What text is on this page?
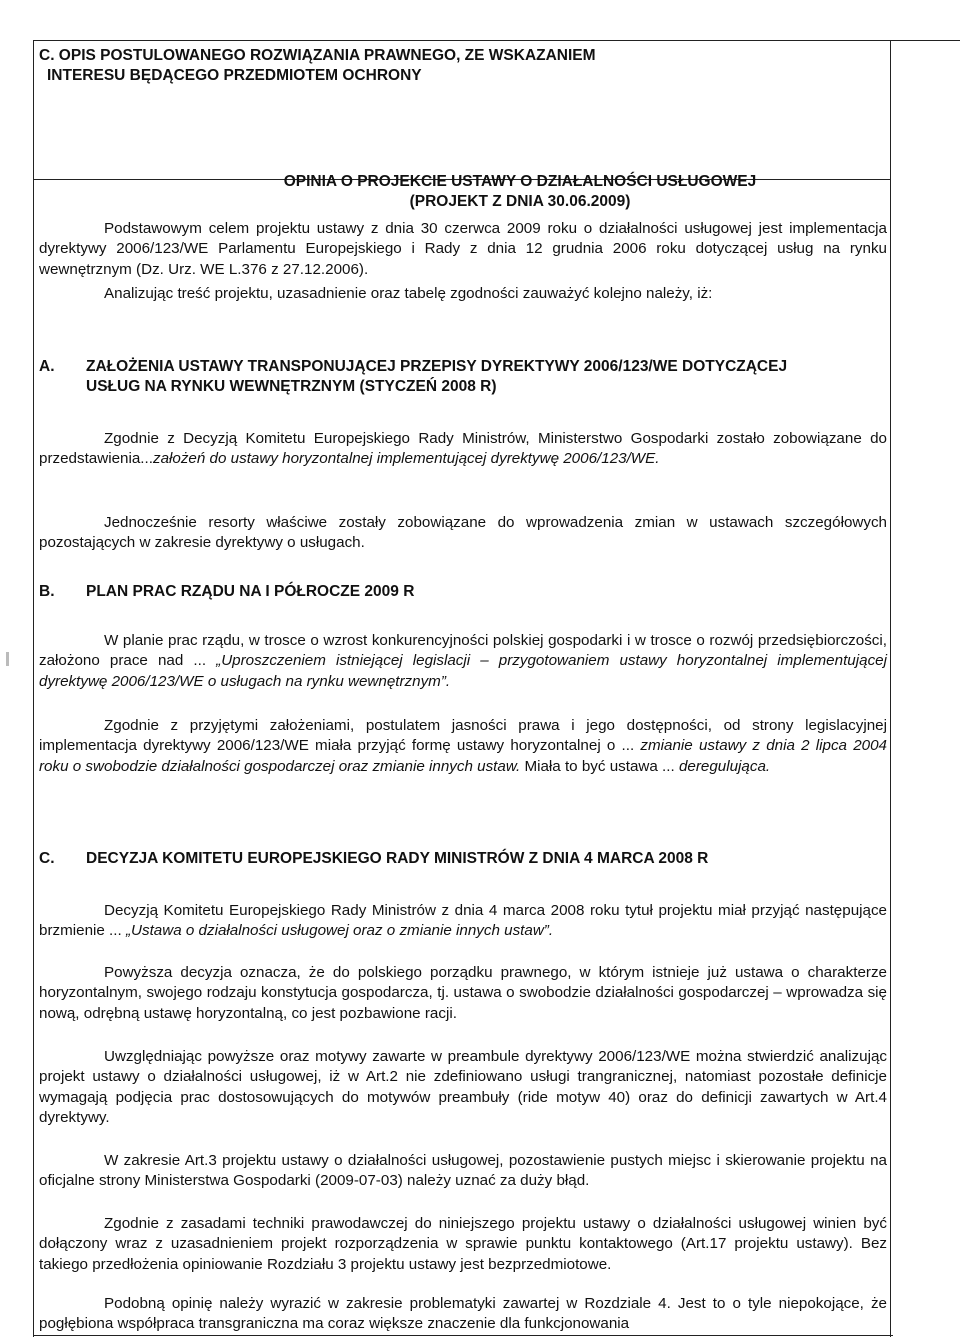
C. OPIS POSTULOWANEGO ROZWIĄZANIA PRAWNEGO, ZE WSKAZANIEM
INTERESU BĘDĄCEGO PRZEDMIOTEM OCHRONY
OPINIA O PROJEKCIE USTAWY O DZIAŁALNOŚCI USŁUGOWEJ
(PROJEKT Z DNIA 30.06.2009)
Podstawowym celem projektu ustawy z dnia 30 czerwca 2009 roku o działalności usługowej jest implementacja dyrektywy 2006/123/WE Parlamentu Europejskiego i Rady z dnia 12 grudnia 2006 roku dotyczącej usług na rynku wewnętrznym (Dz. Urz. WE L.376 z 27.12.2006).
Analizując treść projektu, uzasadnienie oraz tabelę zgodności zauważyć kolejno należy, iż:
A. ZAŁOŻENIA USTAWY TRANSPONUJĄCEJ PRZEPISY DYREKTYWY 2006/123/WE DOTYCZĄCEJ
USŁUG NA RYNKU WEWNĘTRZNYM (STYCZEŃ 2008 R)
Zgodnie z Decyzją Komitetu Europejskiego Rady Ministrów, Ministerstwo Gospodarki zostało zobowiązane do przedstawienia...założeń do ustawy horyzontalnej implementującej dyrektywę 2006/123/WE.
Jednocześnie resorty właściwe zostały zobowiązane do wprowadzenia zmian w ustawach szczegółowych pozostających w zakresie dyrektywy o usługach.
B. PLAN PRAC RZĄDU NA I PÓŁROCZE 2009 R
W planie prac rządu, w trosce o wzrost konkurencyjności polskiej gospodarki i w trosce o rozwój przedsiębiorczości, założono prace nad ... „Uproszczeniem istniejącej legislacji – przygotowaniem ustawy horyzontalnej implementującej dyrektywę 2006/123/WE o usługach na rynku wewnętrznym”.
Zgodnie z przyjętymi założeniami, postulatem jasności prawa i jego dostępności, od strony legislacyjnej implementacja dyrektywy 2006/123/WE miała przyjąć formę ustawy horyzontalnej o ... zmianie ustawy z dnia 2 lipca 2004 roku o swobodzie działalności gospodarczej oraz zmianie innych ustaw. Miała to być ustawa ... deregulująca.
C. DECYZJA KOMITETU EUROPEJSKIEGO RADY MINISTRÓW Z DNIA 4 MARCA 2008 R
Decyzją Komitetu Europejskiego Rady Ministrów z dnia 4 marca 2008 roku tytuł projektu miał przyjąć następujące brzmienie ... „Ustawa o działalności usługowej oraz o zmianie innych ustaw”.
Powyższa decyzja oznacza, że do polskiego porządku prawnego, w którym istnieje już ustawa o charakterze horyzontalnym, swojego rodzaju konstytucja gospodarcza, tj. ustawa o swobodzie działalności gospodarczej – wprowadza się nową, odrębną ustawę horyzontalną, co jest pozbawione racji.
Uwzględniając powyższe oraz motywy zawarte w preambule dyrektywy 2006/123/WE można stwierdzić analizując projekt ustawy o działalności usługowej, iż w Art.2 nie zdefiniowano usługi trangranicznej, natomiast pozostałe definicje wymagają podjęcia prac dostosowujących do motywów preambuły (ride motyw 40) oraz do definicji zawartych w Art.4 dyrektywy.
W zakresie Art.3 projektu ustawy o działalności usługowej, pozostawienie pustych miejsc i skierowanie projektu na oficjalne strony Ministerstwa Gospodarki (2009-07-03) należy uznać za duży błąd.
Zgodnie z zasadami techniki prawodawczej do niniejszego projektu ustawy o działalności usługowej winien być dołączony wraz z uzasadnieniem projekt rozporządzenia w sprawie punktu kontaktowego (Art.17 projektu ustawy). Bez takiego przedłożenia opiniowanie Rozdziału 3 projektu ustawy jest bezprzedmiotowe.
Podobną opinię należy wyrazić w zakresie problematyki zawartej w Rozdziale 4. Jest to o tyle niepokojące, że pogłębiona współpraca transgraniczna ma coraz większe znaczenie dla funkcjonowania
